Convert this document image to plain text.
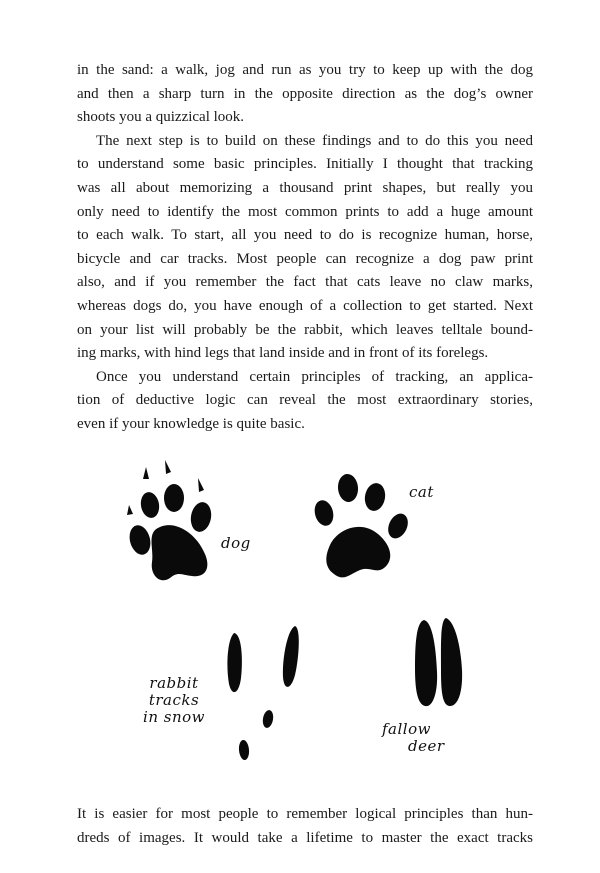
in the sand: a walk, jog and run as you try to keep up with the dog
and then a sharp turn in the opposite direction as the dog’s owner
shoots you a quizzical look.

The next step is to build on these findings and to do this you need
to understand some basic principles. Initially I thought that tracking
was all about memorizing a thousand print shapes, but really you
only need to identify the most common prints to add a huge amount
to each walk. To start, all you need to do is recognize human, horse,
bicycle and car tracks. Most people can recognize a dog paw print
also, and if you remember the fact that cats leave no claw marks,
whereas dogs do, you have enough of a collection to get started. Next
on your list will probably be the rabbit, which leaves telltale bound-
ing marks, with hind legs that land inside and in front of its forelegs.

Once you understand certain principles of tracking, an applica-
tion of deductive logic can reveal the most extraordinary stories,
even if your knowledge is quite basic.

dog
cat
rabbit
tracks
in snow
fallow
deer

It is easier for most people to remember logical principles than hun-
dreds of images. It would take a lifetime to master the exact tracks
